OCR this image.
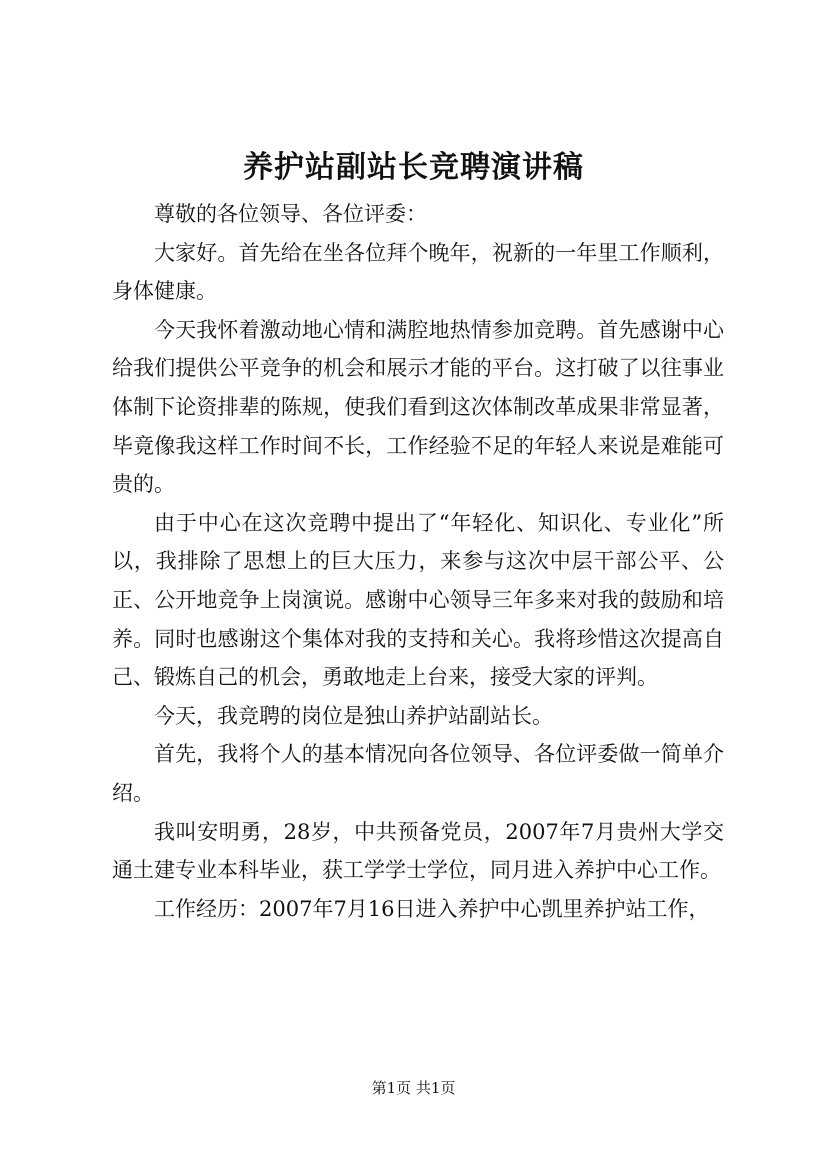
养护站副站长竞聘演讲稿

尊敬的各位领导、各位评委：

大家好。首先给在坐各位拜个晚年，祝新的一年里工作顺利，身体健康。

今天我怀着激动地心情和满腔地热情参加竞聘。首先感谢中心给我们提供公平竞争的机会和展示才能的平台。这打破了以往事业体制下论资排辈的陈规，使我们看到这次体制改革成果非常显著，毕竟像我这样工作时间不长，工作经验不足的年轻人来说是难能可贵的。

由于中心在这次竞聘中提出了“年轻化、知识化、专业化”所以，我排除了思想上的巨大压力，来参与这次中层干部公平、公正、公开地竞争上岗演说。感谢中心领导三年多来对我的鼓励和培养。同时也感谢这个集体对我的支持和关心。我将珍惜这次提高自己、锻炼自己的机会，勇敢地走上台来，接受大家的评判。

今天，我竞聘的岗位是独山养护站副站长。

首先，我将个人的基本情况向各位领导、各位评委做一简单介绍。

我叫安明勇，28岁，中共预备党员，2007年7月贵州大学交通土建专业本科毕业，获工学学士学位，同月进入养护中心工作。

工作经历：2007年7月16日进入养护中心凯里养护站工作，

第1页 共1页
